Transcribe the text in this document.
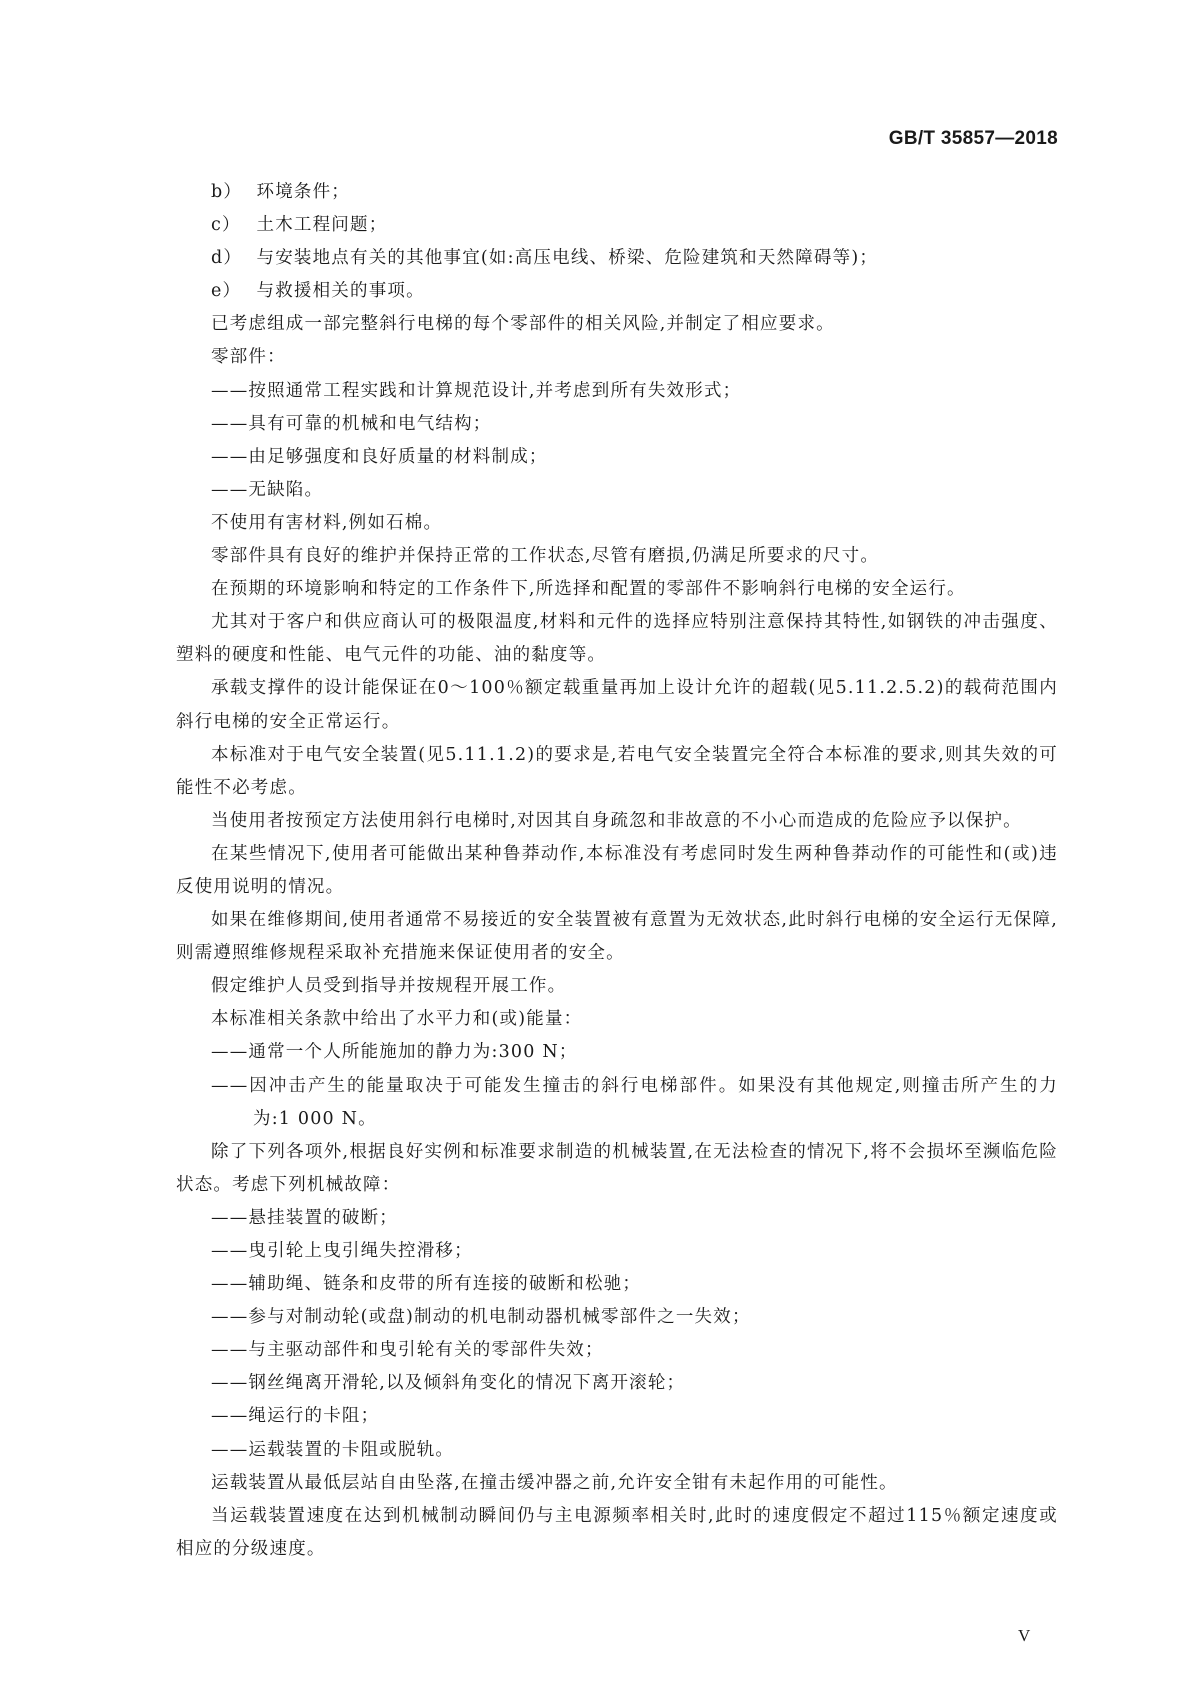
GB/T 35857—2018
b） 环境条件；
c） 土木工程问题；
d） 与安装地点有关的其他事宜(如:高压电线、桥梁、危险建筑和天然障碍等)；
e） 与救援相关的事项。

已考虑组成一部完整斜行电梯的每个零部件的相关风险,并制定了相应要求。

零部件：

——按照通常工程实践和计算规范设计,并考虑到所有失效形式；

——具有可靠的机械和电气结构；

——由足够强度和良好质量的材料制成；

——无缺陷。

不使用有害材料,例如石棉。

零部件具有良好的维护并保持正常的工作状态,尽管有磨损,仍满足所要求的尺寸。

在预期的环境影响和特定的工作条件下,所选择和配置的零部件不影响斜行电梯的安全运行。

尤其对于客户和供应商认可的极限温度,材料和元件的选择应特别注意保持其特性,如钢铁的冲击强度、塑料的硬度和性能、电气元件的功能、油的黏度等。

承载支撑件的设计能保证在0～100％额定载重量再加上设计允许的超载(见5.11.2.5.2)的载荷范围内斜行电梯的安全正常运行。

本标准对于电气安全装置(见5.11.1.2)的要求是,若电气安全装置完全符合本标准的要求,则其失效的可能性不必考虑。

当使用者按预定方法使用斜行电梯时,对因其自身疏忽和非故意的不小心而造成的危险应予以保护。

在某些情况下,使用者可能做出某种鲁莽动作,本标准没有考虑同时发生两种鲁莽动作的可能性和(或)违反使用说明的情况。

如果在维修期间,使用者通常不易接近的安全装置被有意置为无效状态,此时斜行电梯的安全运行无保障,则需遵照维修规程采取补充措施来保证使用者的安全。

假定维护人员受到指导并按规程开展工作。

本标准相关条款中给出了水平力和(或)能量：

——通常一个人所能施加的静力为:300 N；

——因冲击产生的能量取决于可能发生撞击的斜行电梯部件。如果没有其他规定,则撞击所产生的力为:1 000 N。

除了下列各项外,根据良好实例和标准要求制造的机械装置,在无法检查的情况下,将不会损坏至濒临危险状态。考虑下列机械故障：

——悬挂装置的破断；

——曳引轮上曳引绳失控滑移；

——辅助绳、链条和皮带的所有连接的破断和松驰；

——参与对制动轮(或盘)制动的机电制动器机械零部件之一失效；

——与主驱动部件和曳引轮有关的零部件失效；

——钢丝绳离开滑轮,以及倾斜角变化的情况下离开滚轮；

——绳运行的卡阻；

——运载装置的卡阻或脱轨。

运载装置从最低层站自由坠落,在撞击缓冲器之前,允许安全钳有未起作用的可能性。

当运载装置速度在达到机械制动瞬间仍与主电源频率相关时,此时的速度假定不超过115％额定速度或相应的分级速度。

V
